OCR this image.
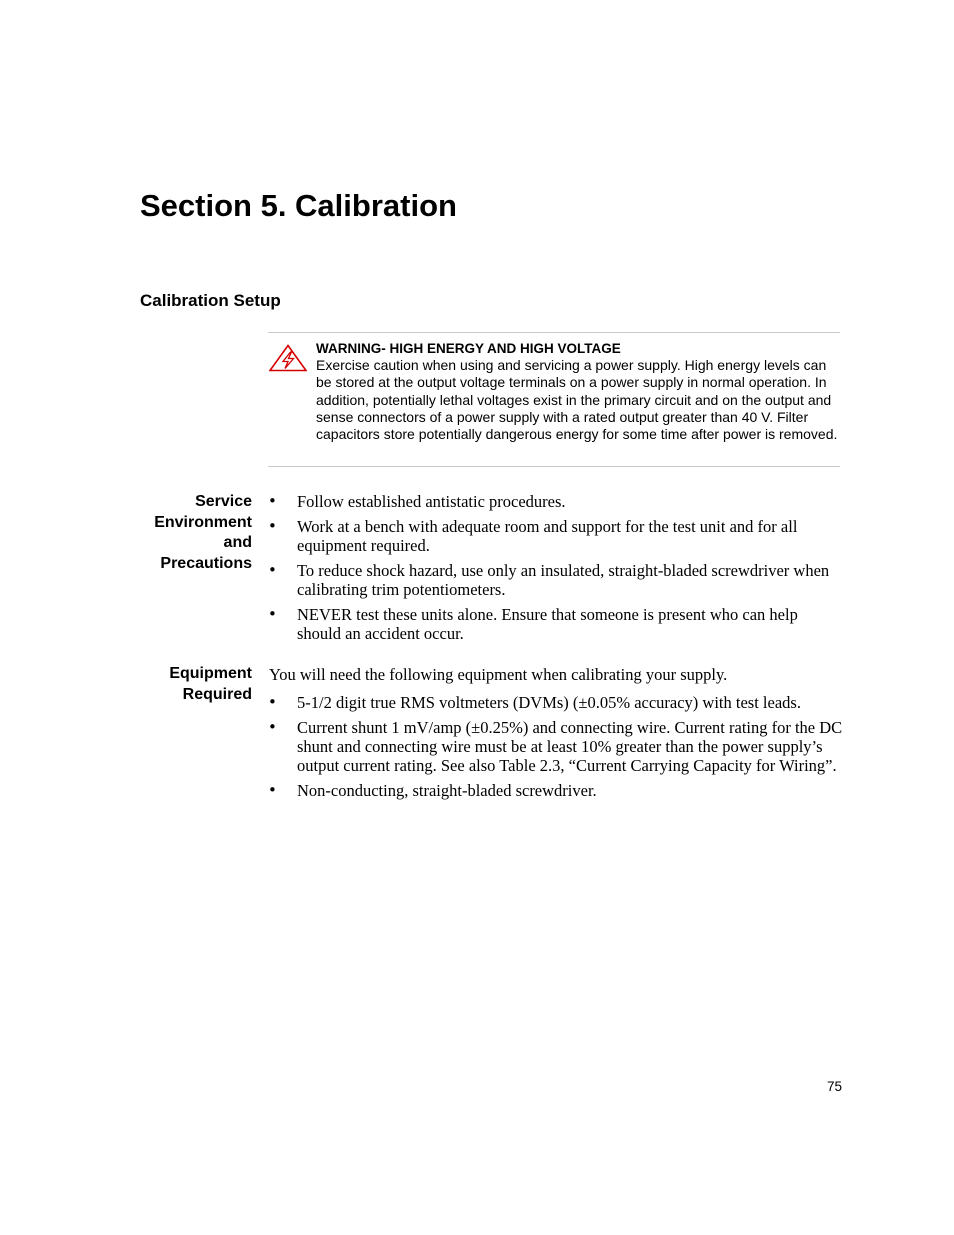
Section 5. Calibration
Calibration Setup
WARNING- HIGH ENERGY AND HIGH VOLTAGE
Exercise caution when using and servicing a power supply. High energy levels can be stored at the output voltage terminals on a power supply in normal operation. In addition, potentially lethal voltages exist in the primary circuit and on the output and sense connectors of a power supply with a rated output greater than 40 V. Filter capacitors store potentially dangerous energy for some time after power is removed.
Service
Environment
and
Precautions
• Follow established antistatic procedures.
• Work at a bench with adequate room and support for the test unit and for all equipment required.
• To reduce shock hazard, use only an insulated, straight-bladed screwdriver when calibrating trim potentiometers.
• NEVER test these units alone. Ensure that someone is present who can help should an accident occur.
Equipment
Required

You will need the following equipment when calibrating your supply.

• 5-1/2 digit true RMS voltmeters (DVMs) (±0.05% accuracy) with test leads.
• Current shunt 1 mV/amp (±0.25%) and connecting wire. Current rating for the DC shunt and connecting wire must be at least 10% greater than the power supply’s output current rating. See also Table 2.3, “Current Carrying Capacity for Wiring”.
• Non-conducting, straight-bladed screwdriver.
75
